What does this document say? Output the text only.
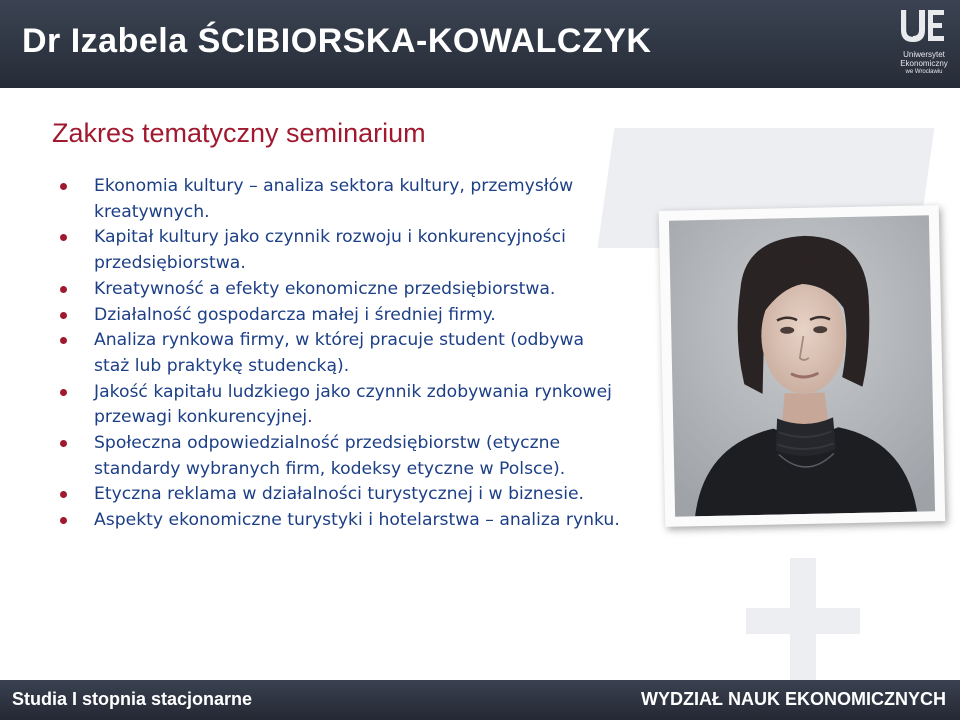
Dr Izabela ŚCIBIORSKA-KOWALCZYK	Uniwersytet
Ekonomiczny
we Wrocławiu
Zakres tematyczny seminarium
Ekonomia kultury – analiza sektora kultury, przemysłów kreatywnych.
Kapitał kultury jako czynnik rozwoju i konkurencyjności przedsiębiorstwa.
Kreatywność a efekty ekonomiczne przedsiębiorstwa.
Działalność gospodarcza małej i średniej firmy.
Analiza rynkowa firmy, w której pracuje student (odbywa staż lub praktykę studencką).
Jakość kapitału ludzkiego jako czynnik zdobywania rynkowej przewagi konkurencyjnej.
Społeczna odpowiedzialność przedsiębiorstw (etyczne standardy wybranych firm, kodeksy etyczne w Polsce).
Etyczna reklama w działalności turystycznej i w biznesie.
Aspekty ekonomiczne turystyki i hotelarstwa – analiza rynku.
Studia I stopnia stacjonarne	WYDZIAŁ NAUK EKONOMICZNYCH
